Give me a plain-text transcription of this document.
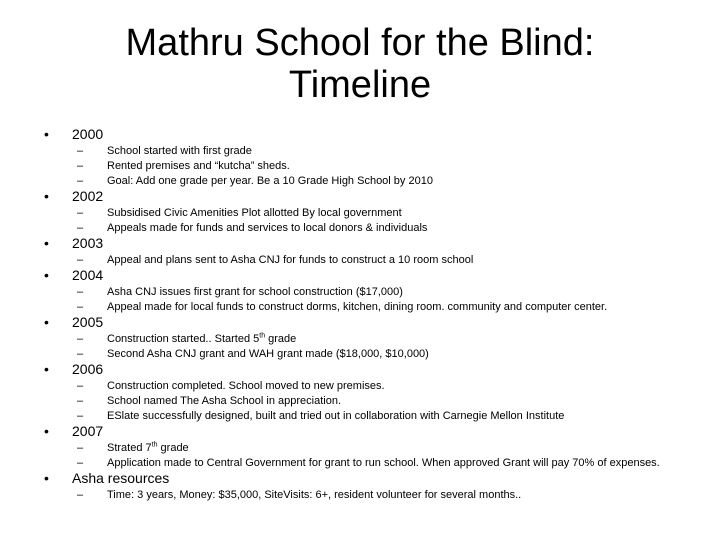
Mathru School for the Blind:
Timeline
• 2000
– School started with first grade
– Rented premises and “kutcha” sheds.
– Goal: Add one grade per year. Be a 10 Grade High School by 2010
• 2002
– Subsidised Civic Amenities Plot allotted By local government
– Appeals made for funds and services to local donors & individuals
• 2003
– Appeal and plans sent to Asha CNJ for funds to construct a 10 room school
• 2004
– Asha CNJ issues first grant for school construction ($17,000)
– Appeal made for local funds to construct dorms, kitchen, dining room. community and computer center.
• 2005
– Construction started.. Started 5th grade
– Second Asha CNJ grant and WAH grant made ($18,000, $10,000)
• 2006
– Construction completed. School moved to new premises.
– School named The Asha School in appreciation.
– ESlate successfully designed, built and tried out in collaboration with Carnegie Mellon Institute
• 2007
– Strated 7th grade
– Application made to Central Government for grant to run school. When approved Grant will pay 70% of expenses.
• Asha resources
– Time: 3 years, Money: $35,000, SiteVisits: 6+, resident volunteer for several months..
